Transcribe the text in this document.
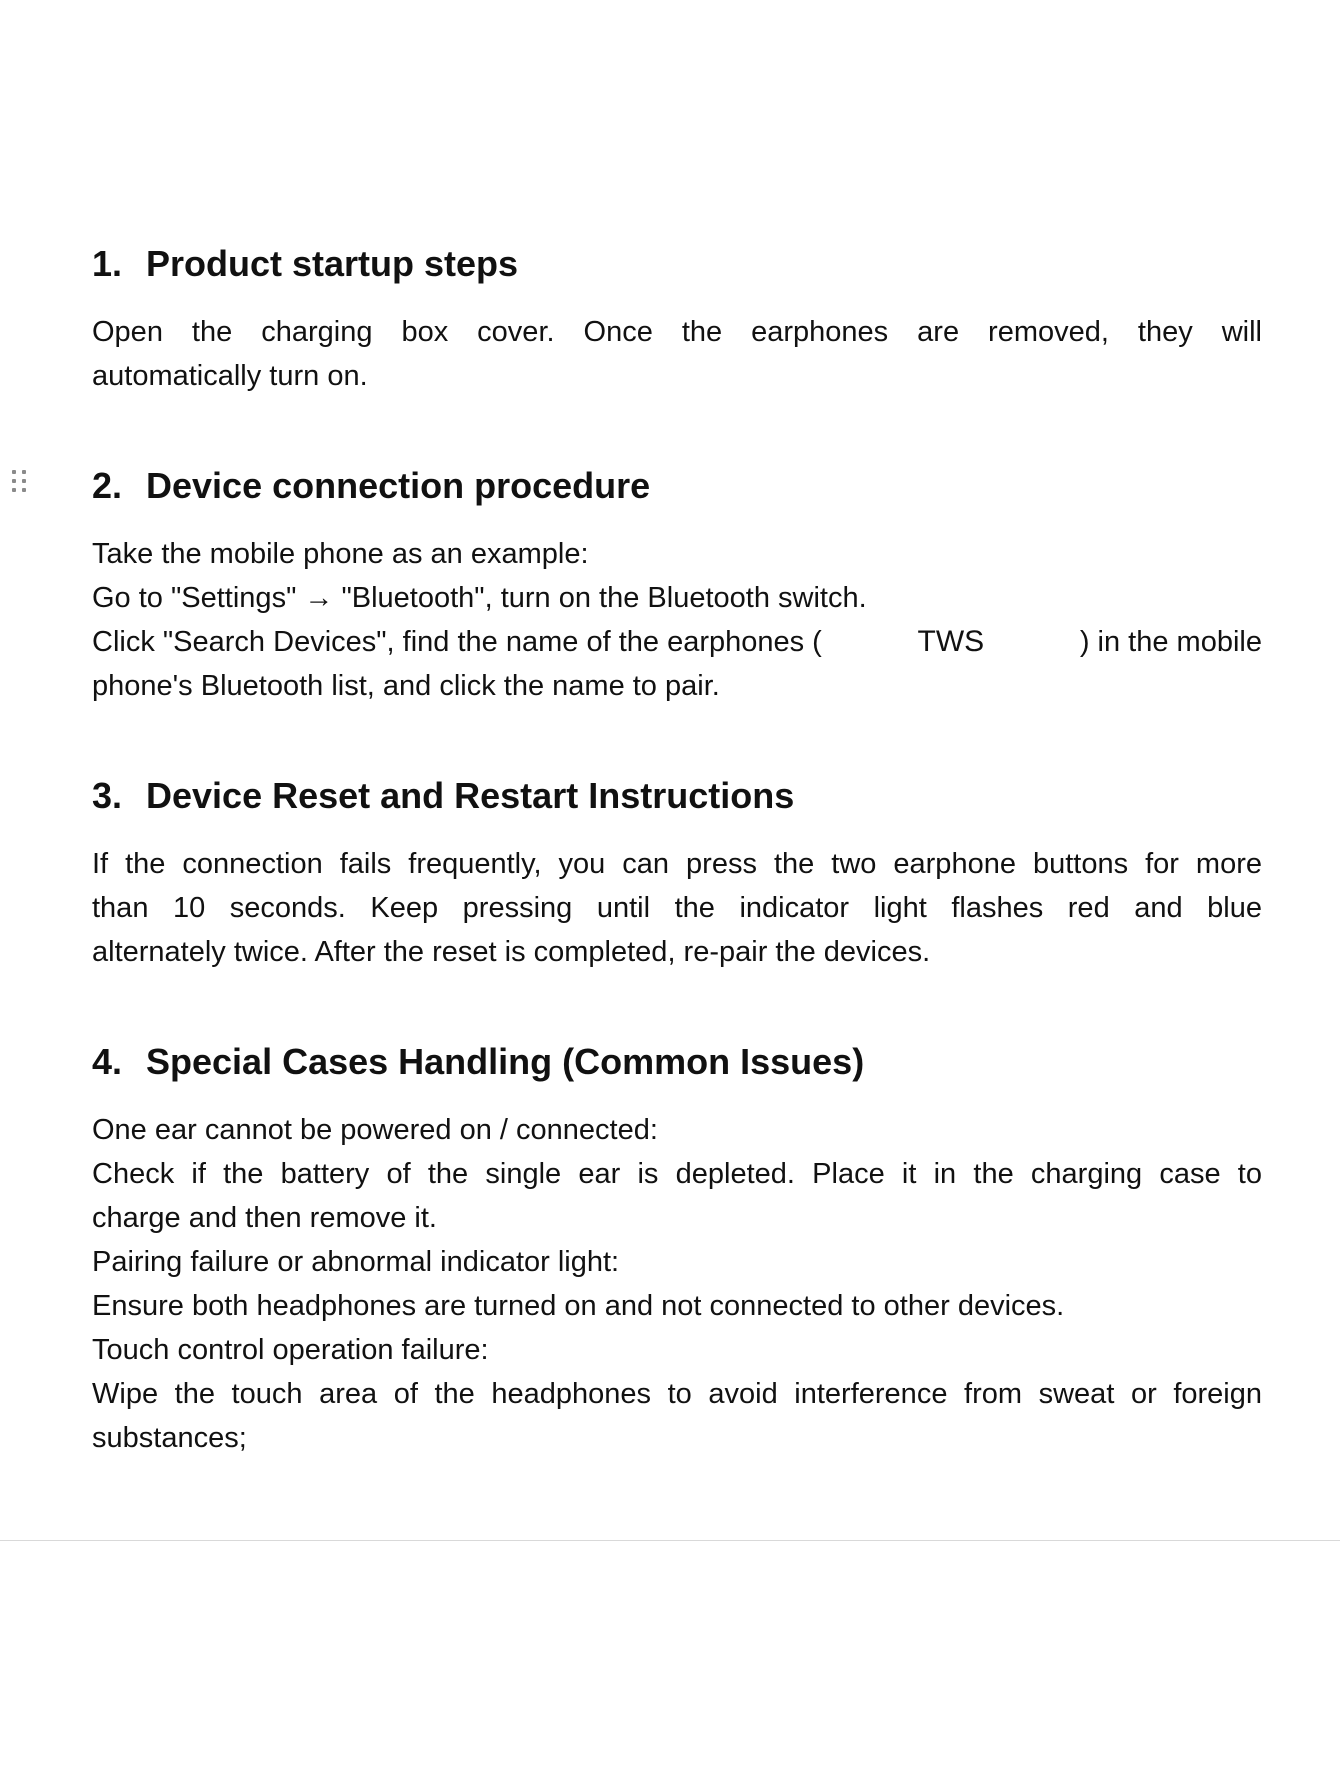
1. Product startup steps

Open the charging box cover. Once the earphones are removed, they will

automatically turn on.

2. Device connection procedure

Take the mobile phone as an example:

Go to "Settings" → "Bluetooth", turn on the Bluetooth switch.

Click "Search Devices", find the name of the earphones (	TWS	) in the mobile

phone's Bluetooth list, and click the name to pair.

3. Device Reset and Restart Instructions

If the connection fails frequently, you can press the two earphone buttons for more

than 10 seconds. Keep pressing until the indicator light flashes red and blue

alternately twice. After the reset is completed, re-pair the devices.

4. Special Cases Handling (Common Issues)

One ear cannot be powered on / connected:

Check if the battery of the single ear is depleted. Place it in the charging case to

charge and then remove it.

Pairing failure or abnormal indicator light:

Ensure both headphones are turned on and not connected to other devices.

Touch control operation failure:

Wipe the touch area of the headphones to avoid interference from sweat or foreign

substances;
